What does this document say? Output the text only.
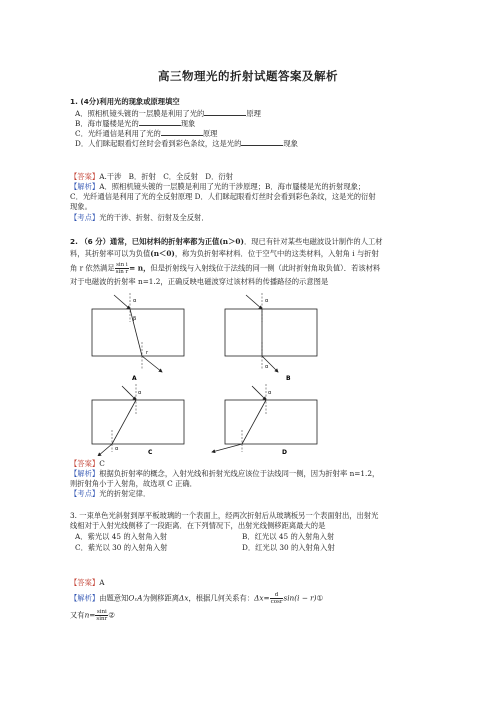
高三物理光的折射试题答案及解析
1. (4分)利用光的现象或原理填空
A．照相机镜头镀的一层膜是利用了光的	原理
B．海市蜃楼是光的	现象
C．光纤通信是利用了光的	原理
D．人们眯起眼看灯丝时会看到彩色条纹，这是光的	现象
【答案】A.干涉　B．折射　C．全反射　D．衍射
【解析】A．照相机镜头镀的一层膜是利用了光的干涉原理；B．海市蜃楼是光的折射现象；
C．光纤通信是利用了光的全反射原理 D．人们眯起眼看灯丝时会看到彩色条纹，这是光的衍射
现象。
【考点】光的干涉、折射、衍射及全反射．
2. （6 分）通常，已知材料的折射率都为正值(n＞0)．现已有针对某些电磁波设计制作的人工材
料，其折射率可以为负值(n＜0)，称为负折射率材料．位于空气中的这类材料，入射角 i 与折射
角 r 依然满足 $\frac{\text{sin i}}{\text{sin r}} = n$，但是折射线与入射线位于法线的同一侧（此时折射角取负值）．若该材料
对于电磁波的折射率 n=1.2，正确反映电磁波穿过该材料的传播路径的示意图是
α
β
r
A
α
α
B
α
α	C
α
D
【答案】C
【解析】根据负折射率的概念，入射光线和折射光线应该位于法线同一侧，因为折射率 n=1.2，
则折射角小于入射角，故选项 C 正确．
【考点】光的折射定律．
3. 一束单色光斜射到厚平板玻璃的一个表面上，经两次折射后从玻璃板另一个表面射出，出射光
线相对于入射光线侧移了一段距离．在下列情况下，出射光线侧移距离最大的是
A．紫光以 45 的入射角入射	B．红光以 45 的入射角入射
C．紫光以 30 的入射角入射	D．红光以 30 的入射角入射
【答案】A
【解析】由题意知O₁A为侧移距离Δx，根据几何关系有：$\Delta x= \frac{d}{\cos r} \sin(i$ − r)①
又有$n= \frac{\sin i}{\sin r}$ ②
